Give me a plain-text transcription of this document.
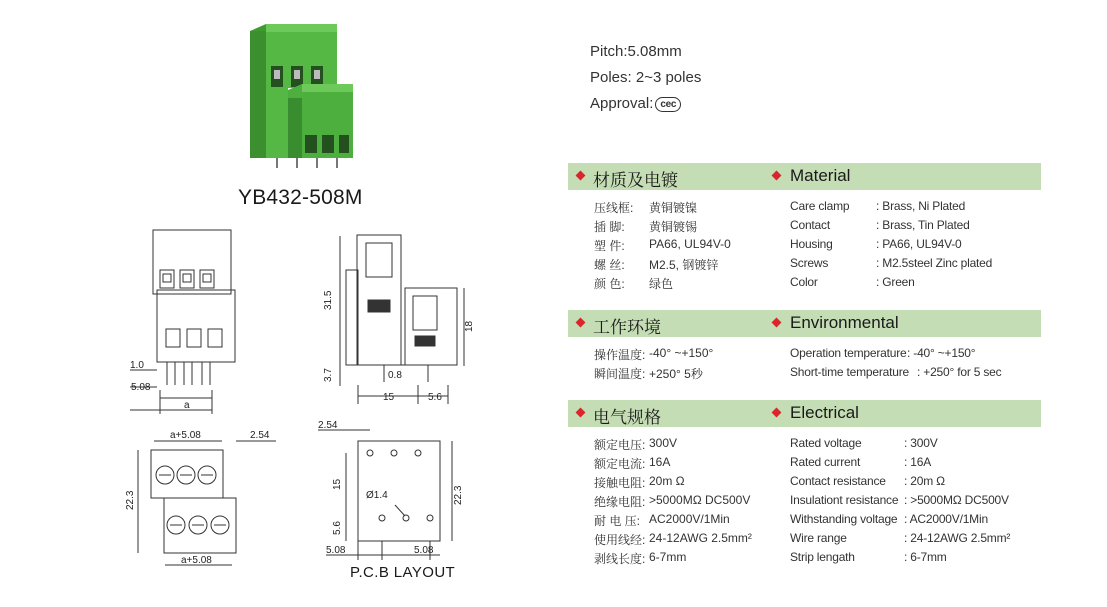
1.0
5.08
a
31.5
3.7
18
0.8
15	5.6
a+5.08	2.54
22.3
a+5.08
2.54
15
Ø1.4	22.3
5.6
5.08	5.08
YB432-508M
P.C.B LAYOUT
Pitch:5.08mm
Poles: 2~3 poles
Approval: cec
材质及电镀	Material
压线框: 黄铜镀镍
插 脚: 黄铜镀锡
塑 件: PA66, UL94V-0
螺 丝: M2.5, 钢镀锌
颜 色: 绿色
Care clamp : Brass, Ni Plated
Contact	: Brass, Tin Plated
Housing	: PA66, UL94V-0
Screws	: M2.5steel Zinc plated
Color	: Green
工作环境	Environmental
操作温度: -40° ~+150°
瞬间温度: +250° 5秒
Operation temperature : -40° ~+150°
Short-time temperature : +250° for 5 sec
电气规格	Electrical
额定电压: 300V
额定电流: 16A
接触电阻: 20m Ω
绝缘电阻: >5000MΩ DC500V
耐 电 压: AC2000V/1Min
使用线经: 24-12AWG 2.5mm²
剥线长度: 6-7mm
Rated voltage	: 300V
Rated current	: 16A
Contact resistance : 20m Ω
Insulationt resistance : >5000MΩ DC500V
Withstanding voltage : AC2000V/1Min
Wire range	: 24-12AWG 2.5mm²
Strip lengath	: 6-7mm
